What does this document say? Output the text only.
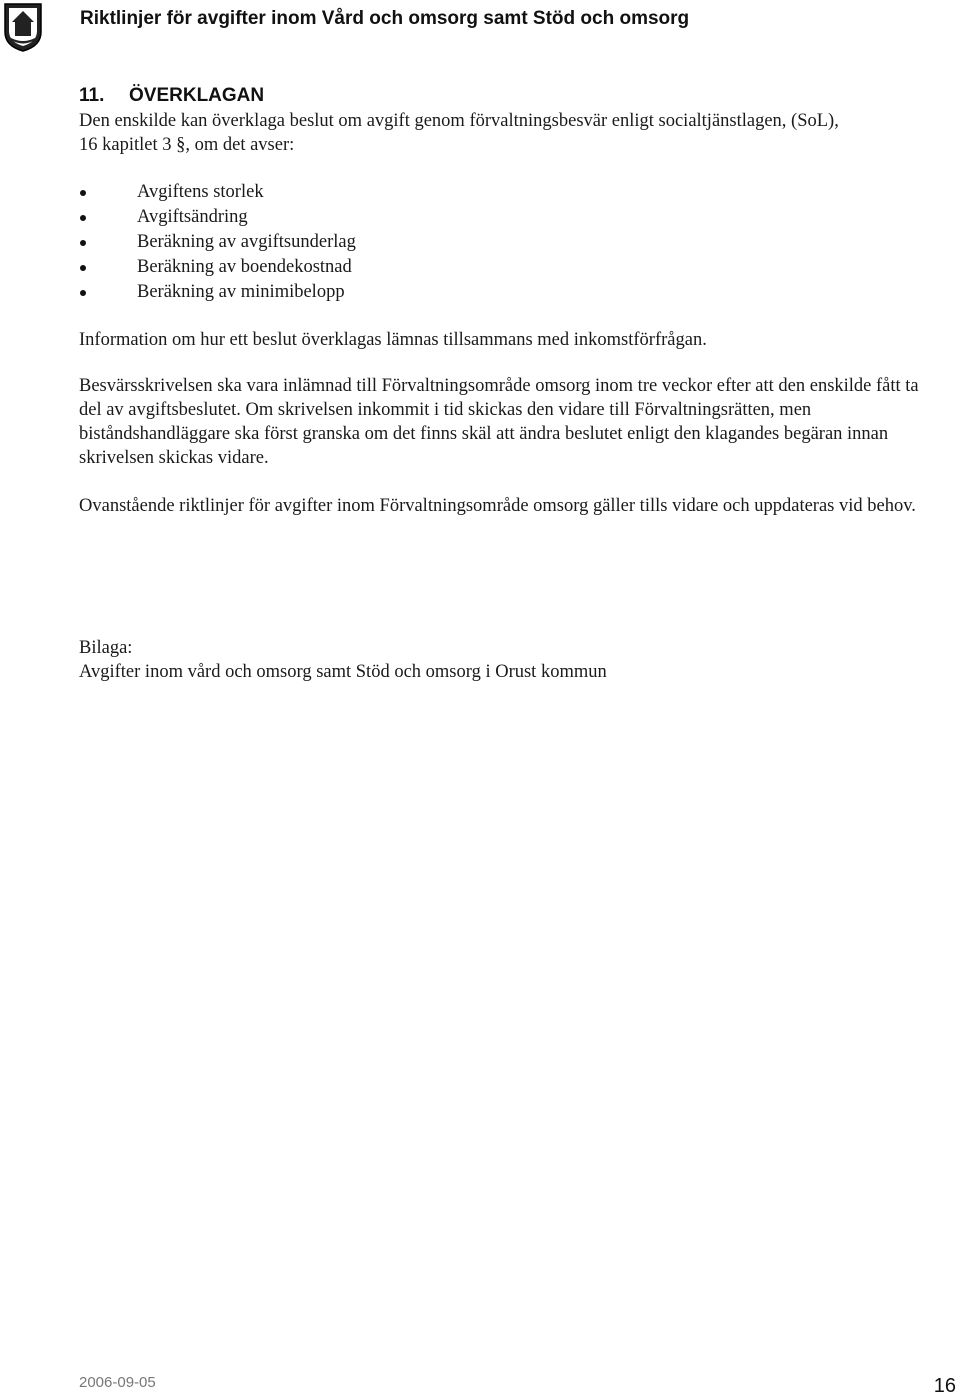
Riktlinjer för avgifter inom Vård och omsorg samt Stöd och omsorg
11. ÖVERKLAGAN

Den enskilde kan överklaga beslut om avgift genom förvaltningsbesvär enligt socialtjänstlagen, (SoL),
16 kapitlet 3 §, om det avser:

Avgiftens storlek
Avgiftsändring
Beräkning av avgiftsunderlag
Beräkning av boendekostnad
Beräkning av minimibelopp

Information om hur ett beslut överklagas lämnas tillsammans med inkomstförfrågan.

Besvärsskrivelsen ska vara inlämnad till Förvaltningsområde omsorg inom tre veckor efter att den enskilde fått ta del av avgiftsbeslutet. Om skrivelsen inkommit i tid skickas den vidare till Förvaltningsrätten, men biståndshandläggare ska först granska om det finns skäl att ändra beslutet enligt den klagandes begäran innan skrivelsen skickas vidare.

Ovanstående riktlinjer för avgifter inom Förvaltningsområde omsorg gäller tills vidare och uppdateras vid behov.

Bilaga:
Avgifter inom vård och omsorg samt Stöd och omsorg i Orust kommun

2006-09-05	16
